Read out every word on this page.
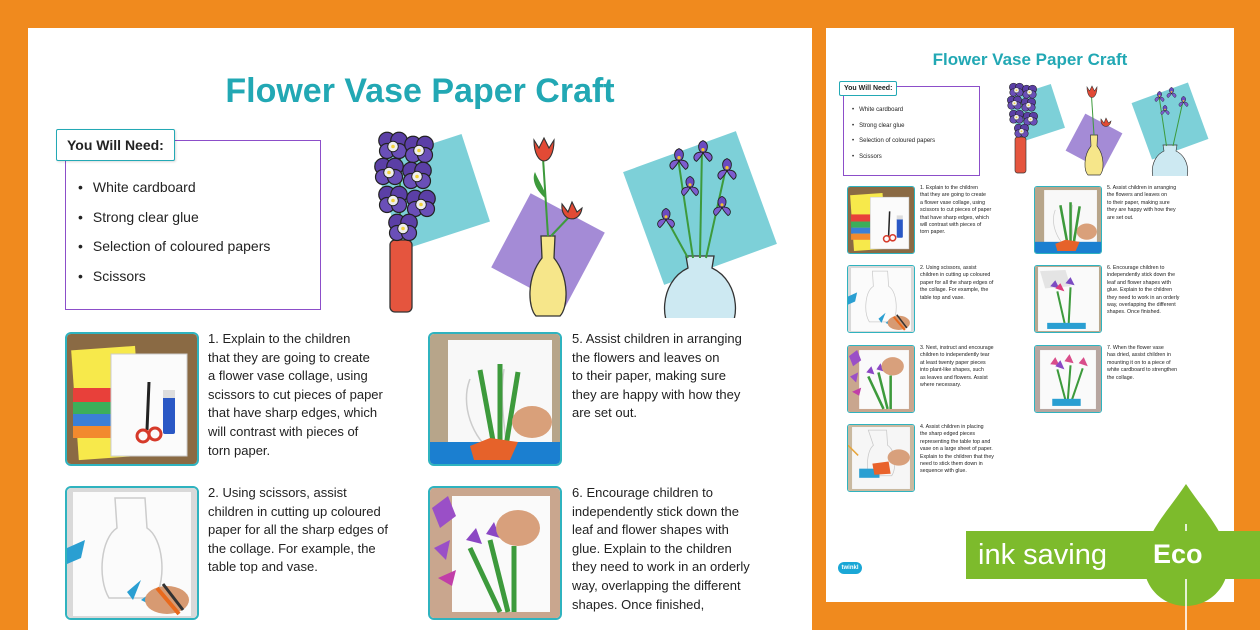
Flower Vase Paper Craft
You Will Need:
• White cardboard
• Strong clear glue
• Selection of coloured papers
• Scissors
1. Explain to the children
that they are going to create
a flower vase collage, using
scissors to cut pieces of paper
that have sharp edges, which
will contrast with pieces of
torn paper.
5. Assist children in arranging
the flowers and leaves on
to their paper, making sure
they are happy with how they
are set out.
2. Using scissors, assist
children in cutting up coloured
paper for all the sharp edges of
the collage. For example, the
table top and vase.
6. Encourage children to
independently stick down the
leaf and flower shapes with
glue. Explain to the children
they need to work in an orderly
way, overlapping the different
shapes. Once finished,
Flower Vase Paper Craft
You Will Need:
• White cardboard
• Strong clear glue
• Selection of coloured papers
• Scissors
1. Explain to the children
that they are going to create
a flower vase collage, using
scissors to cut pieces of paper
that have sharp edges, which
will contrast with pieces of
torn paper.
2. Using scissors, assist
children in cutting up coloured
paper for all the sharp edges of
the collage. For example, the
table top and vase.
3. Next, instruct and encourage
children to independently tear
at least twenty paper pieces
into plant-like shapes, such
as leaves and flowers. Assist
where necessary.
4. Assist children in placing
the sharp edged pieces
representing the table top and
vase on a large sheet of paper.
Explain to the children that they
need to stick them down in
sequence with glue.
5. Assist children in arranging
the flowers and leaves on
to their paper, making sure
they are happy with how they
are set out.
6. Encourage children to
independently stick down the
leaf and flower shapes with
glue. Explain to the children
they need to work in an orderly
way, overlapping the different
shapes. Once finished.
7. When the flower vase
has dried, assist children in
mounting it on to a piece of
white cardboard to strengthen
the collage.
twinkl	ink saving Eco
